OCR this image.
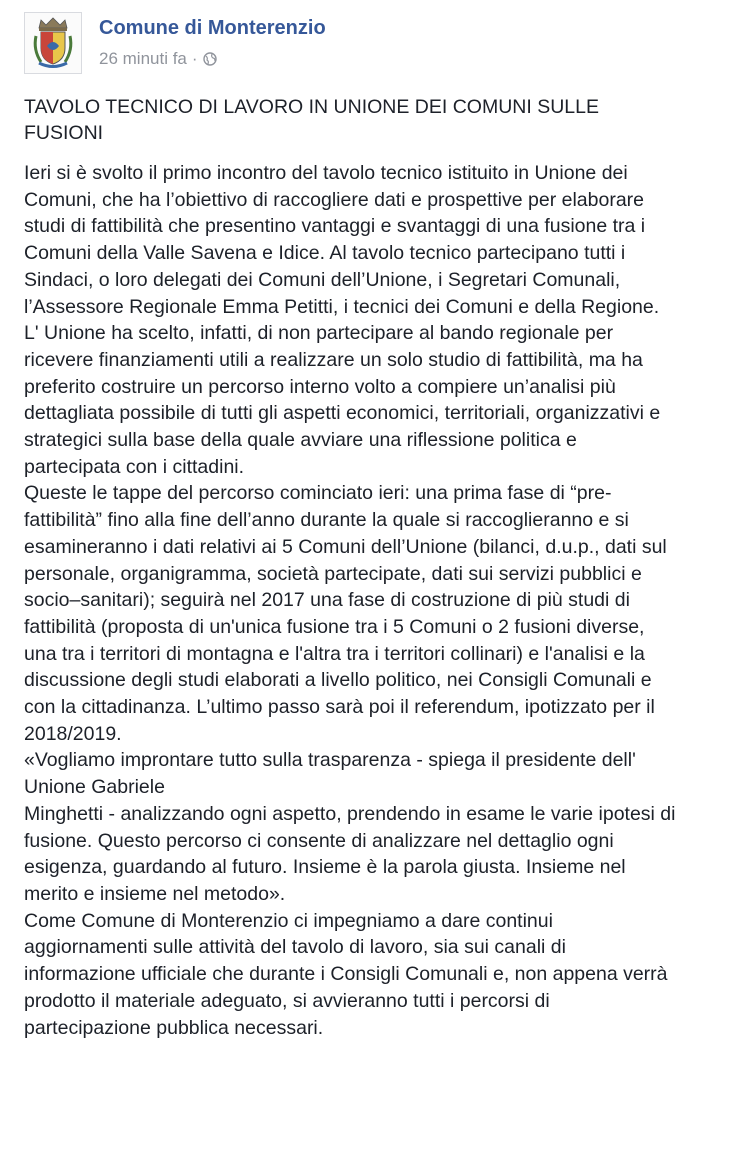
Comune di Monterenzio
26 minuti fa ·
TAVOLO TECNICO DI LAVORO IN UNIONE DEI COMUNI SULLE
FUSIONI
Ieri si è svolto il primo incontro del tavolo tecnico istituito in Unione dei
Comuni, che ha l’obiettivo di raccogliere dati e prospettive per elaborare
studi di fattibilità che presentino vantaggi e svantaggi di una fusione tra i
Comuni della Valle Savena e Idice. Al tavolo tecnico partecipano tutti i
Sindaci, o loro delegati dei Comuni dell’Unione, i Segretari Comunali,
l’Assessore Regionale Emma Petitti, i tecnici dei Comuni e della Regione.
L' Unione ha scelto, infatti, di non partecipare al bando regionale per
ricevere finanziamenti utili a realizzare un solo studio di fattibilità, ma ha
preferito costruire un percorso interno volto a compiere un’analisi più
dettagliata possibile di tutti gli aspetti economici, territoriali, organizzativi e
strategici sulla base della quale avviare una riflessione politica e
partecipata con i cittadini.
Queste le tappe del percorso cominciato ieri: una prima fase di “pre-
fattibilità” fino alla fine dell’anno durante la quale si raccoglieranno e si
esamineranno i dati relativi ai 5 Comuni dell’Unione (bilanci, d.u.p., dati sul
personale, organigramma, società partecipate, dati sui servizi pubblici e
socio–sanitari); seguirà nel 2017 una fase di costruzione di più studi di
fattibilità (proposta di un'unica fusione tra i 5 Comuni o 2 fusioni diverse,
una tra i territori di montagna e l'altra tra i territori collinari) e l'analisi e la
discussione degli studi elaborati a livello politico, nei Consigli Comunali e
con la cittadinanza. L’ultimo passo sarà poi il referendum, ipotizzato per il
2018/2019.
«Vogliamo improntare tutto sulla trasparenza - spiega il presidente dell'
Unione Gabriele
Minghetti - analizzando ogni aspetto, prendendo in esame le varie ipotesi di
fusione. Questo percorso ci consente di analizzare nel dettaglio ogni
esigenza, guardando al futuro. Insieme è la parola giusta. Insieme nel
merito e insieme nel metodo».
Come Comune di Monterenzio ci impegniamo a dare continui
aggiornamenti sulle attività del tavolo di lavoro, sia sui canali di
informazione ufficiale che durante i Consigli Comunali e, non appena verrà
prodotto il materiale adeguato, si avvieranno tutti i percorsi di
partecipazione pubblica necessari.
